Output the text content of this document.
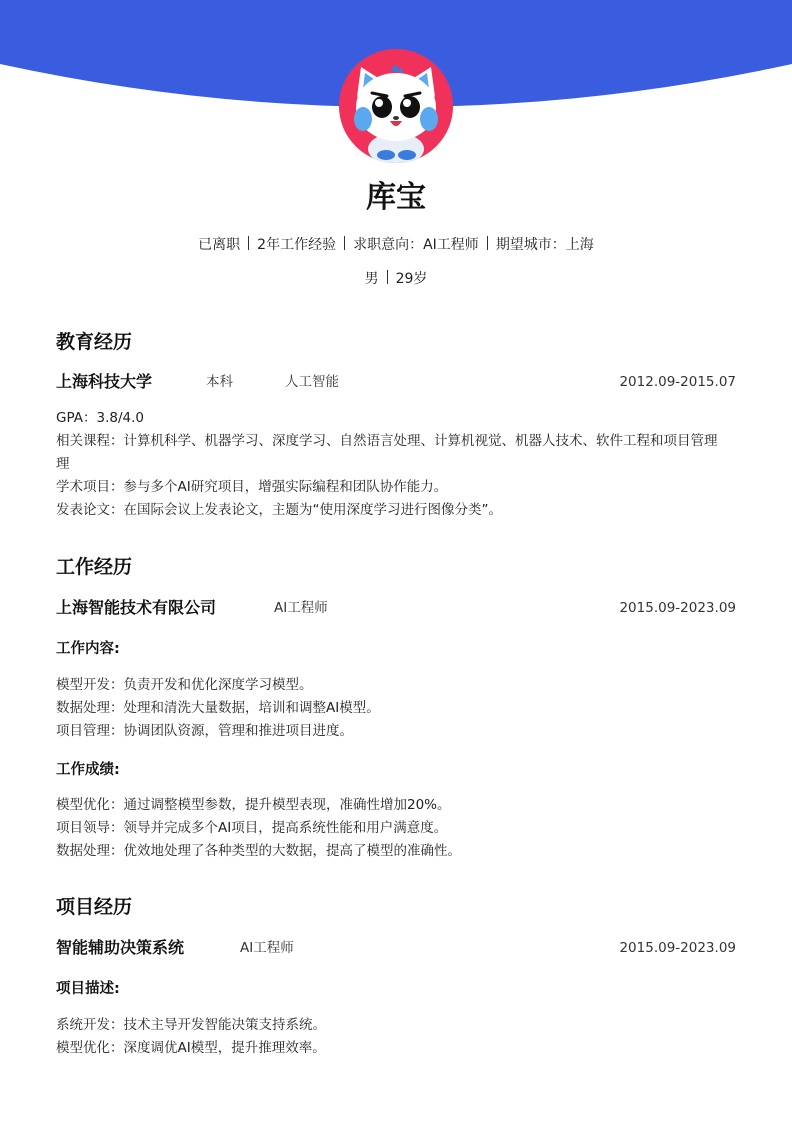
库宝
已离职 2年工作经验 求职意向：AI工程师 期望城市：上海
男 29岁
教育经历
上海科技大学	本科	人工智能	2012.09-2015.07
GPA：3.8/4.0
相关课程：计算机科学、机器学习、深度学习、自然语言处理、计算机视觉、机器人技术、软件工程和项目管理
理
学术项目：参与多个AI研究项目，增强实际编程和团队协作能力。
发表论文：在国际会议上发表论文，主题为“使用深度学习进行图像分类”。
工作经历
上海智能技术有限公司	AI工程师	2015.09-2023.09
工作内容:
模型开发：负责开发和优化深度学习模型。
数据处理：处理和清洗大量数据，培训和调整AI模型。
项目管理：协调团队资源，管理和推进项目进度。
工作成绩:
模型优化：通过调整模型参数，提升模型表现，准确性增加20%。
项目领导：领导并完成多个AI项目，提高系统性能和用户满意度。
数据处理：优效地处理了各种类型的大数据，提高了模型的准确性。
项目经历
智能辅助决策系统	AI工程师	2015.09-2023.09
项目描述:
系统开发：技术主导开发智能决策支持系统。
模型优化：深度调优AI模型，提升推理效率。
